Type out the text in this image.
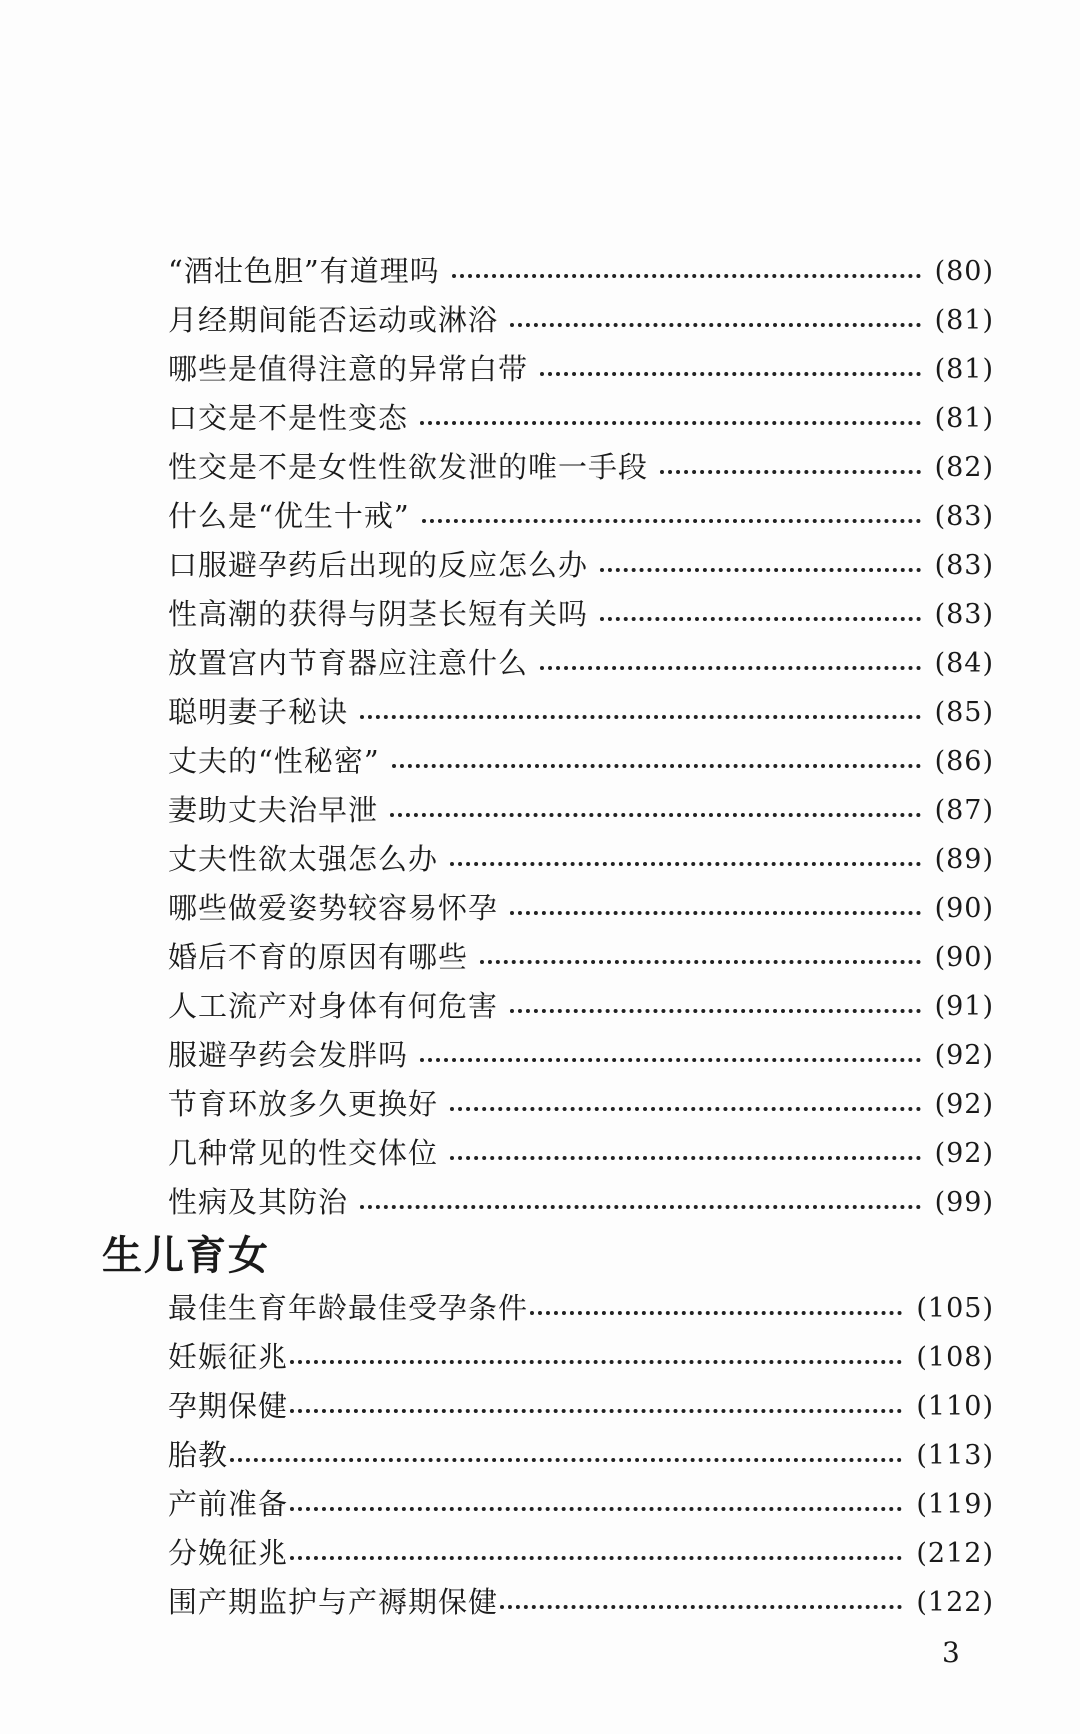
“酒壮色胆”有道理吗	(80)
月经期间能否运动或淋浴	(81)
哪些是值得注意的异常白带	(81)
口交是不是性变态	(81)
性交是不是女性性欲发泄的唯一手段	(82)
什么是“优生十戒”	(83)
口服避孕药后出现的反应怎么办	(83)
性高潮的获得与阴茎长短有关吗	(83)
放置宫内节育器应注意什么	(84)
聪明妻子秘诀	(85)
丈夫的“性秘密”	(86)
妻助丈夫治早泄	(87)
丈夫性欲太强怎么办	(89)
哪些做爱姿势较容易怀孕	(90)
婚后不育的原因有哪些	(90)
人工流产对身体有何危害	(91)
服避孕药会发胖吗	(92)
节育环放多久更换好	(92)
几种常见的性交体位	(92)
性病及其防治	(99)
生儿育女
最佳生育年龄最佳受孕条件	(105)
妊娠征兆	(108)
孕期保健	(110)
胎教	(113)
产前准备	(119)
分娩征兆	(212)
围产期监护与产褥期保健	(122)
3
